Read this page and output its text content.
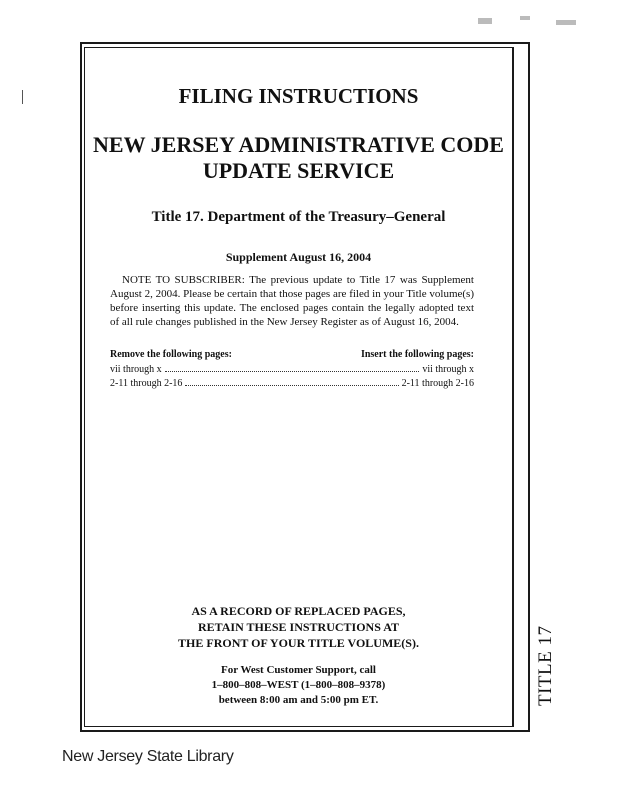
TITLE 17
FILING INSTRUCTIONS
NEW JERSEY ADMINISTRATIVE CODE
UPDATE SERVICE
Title 17. Department of the Treasury–General
Supplement August 16, 2004

NOTE TO SUBSCRIBER: The previous update to Title 17 was Supplement August 2, 2004. Please be certain that those pages are filed in your Title volume(s) before inserting this update. The enclosed pages contain the legally adopted text of all rule changes published in the New Jersey Register as of August 16, 2004.

Remove the following pages:	Insert the following pages:
vii through x	vii through x
2-11 through 2-16	2-11 through 2-16
AS A RECORD OF REPLACED PAGES,
RETAIN THESE INSTRUCTIONS AT
THE FRONT OF YOUR TITLE VOLUME(S).
For West Customer Support, call
1–800–808–WEST (1–800–808–9378)
between 8:00 am and 5:00 pm ET.
New Jersey State Library
